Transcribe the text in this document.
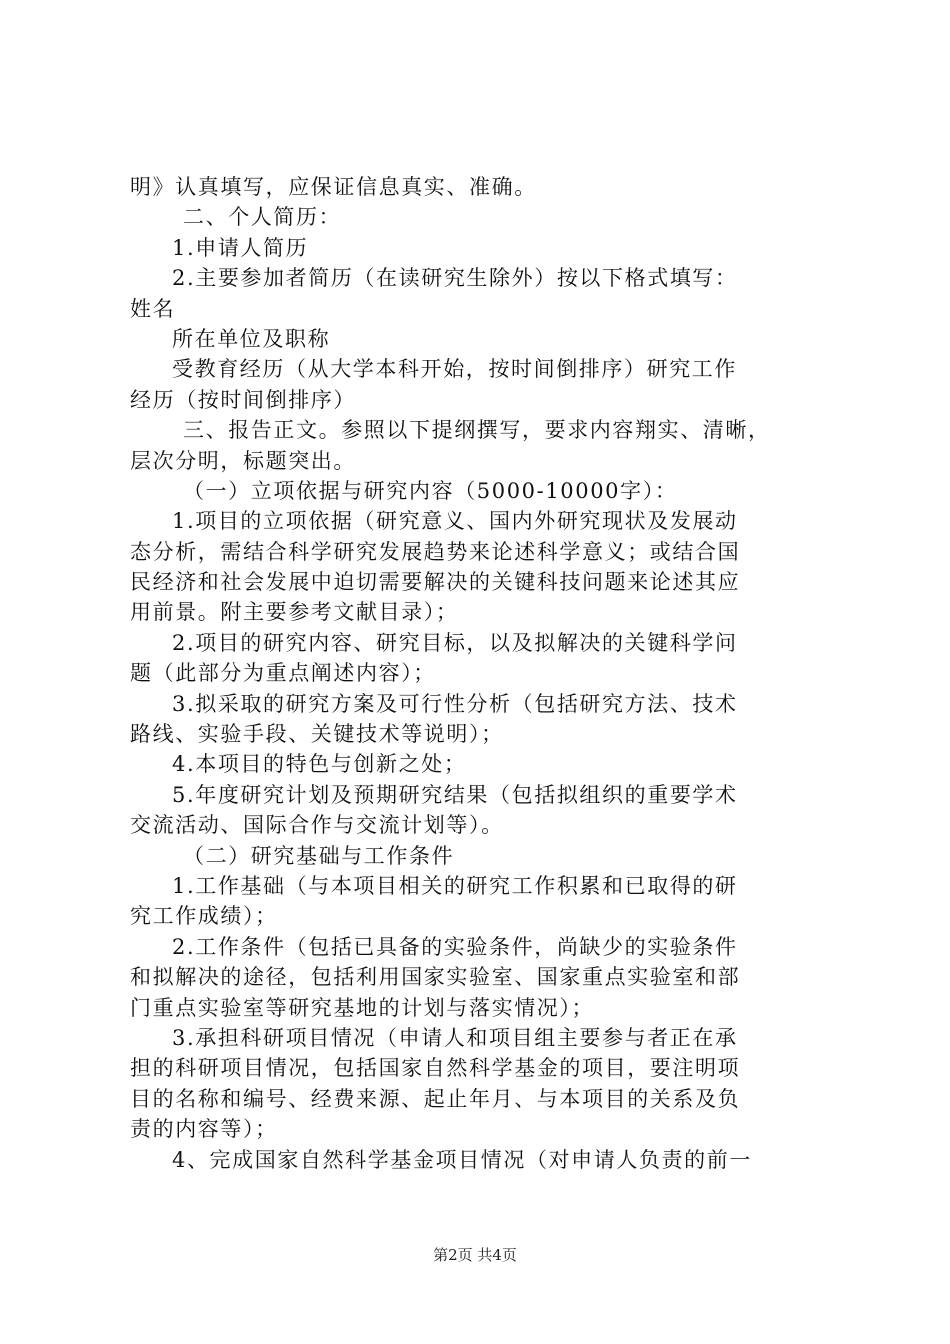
明》认真填写，应保证信息真实、准确。
二、个人简历：
1.申请人简历
2.主要参加者简历（在读研究生除外）按以下格式填写：
姓名
所在单位及职称
受教育经历（从大学本科开始，按时间倒排序）研究工作
经历（按时间倒排序）
三、报告正文。参照以下提纲撰写，要求内容翔实、清晰，
层次分明，标题突出。
（一）立项依据与研究内容（5000-10000字）：
1.项目的立项依据（研究意义、国内外研究现状及发展动
态分析，需结合科学研究发展趋势来论述科学意义；或结合国
民经济和社会发展中迫切需要解决的关键科技问题来论述其应
用前景。附主要参考文献目录）；
2.项目的研究内容、研究目标，以及拟解决的关键科学问
题（此部分为重点阐述内容）；
3.拟采取的研究方案及可行性分析（包括研究方法、技术
路线、实验手段、关键技术等说明）；
4.本项目的特色与创新之处；
5.年度研究计划及预期研究结果（包括拟组织的重要学术
交流活动、国际合作与交流计划等）。
（二）研究基础与工作条件
1.工作基础（与本项目相关的研究工作积累和已取得的研
究工作成绩）；
2.工作条件（包括已具备的实验条件，尚缺少的实验条件
和拟解决的途径，包括利用国家实验室、国家重点实验室和部
门重点实验室等研究基地的计划与落实情况）；
3.承担科研项目情况（申请人和项目组主要参与者正在承
担的科研项目情况，包括国家自然科学基金的项目，要注明项
目的名称和编号、经费来源、起止年月、与本项目的关系及负
责的内容等）；
4、完成国家自然科学基金项目情况（对申请人负责的前一
第2页 共4页
